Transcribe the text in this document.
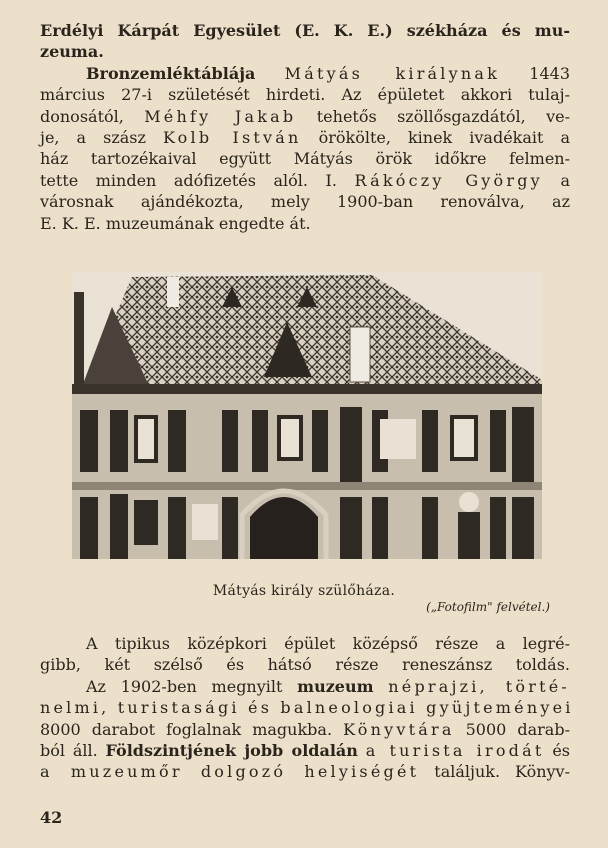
Erdélyi Kárpát Egyesület (E. K. E.) székháza és mu-
zeuma.
Bronzemléktáblája Mátyás királynak 1443
március 27-i születését hirdeti. Az épületet akkori tulaj-
donosától, Méhfy Jakab tehetős szöllősgazdától, ve-
je, a szász Kolb István örökölte, kinek ivadékait a
ház tartozékaival együtt Mátyás örök időkre felmen-
tette minden adófizetés alól. I. Rákóczy György a
városnak ajándékozta, mely 1900-ban renoválva, az
E. K. E. muzeumának engedte át.
Mátyás király szülőháza.
(„Fotofilm" felvétel.)
A tipikus középkori épület középső része a legré-
gibb, két szélső és hátsó része reneszánsz toldás.
Az 1902-ben megnyilt muzeum néprajzi, törté-
nelmi, turistasági és balneologiai gyüjteményei
8000 darabot foglalnak magukba. Könyvtára 5000 darab-
ból áll. Földszintjének jobb oldalán a turista irodát és
a muzeumőr dolgozó helyiségét találjuk. Könyv-
42
